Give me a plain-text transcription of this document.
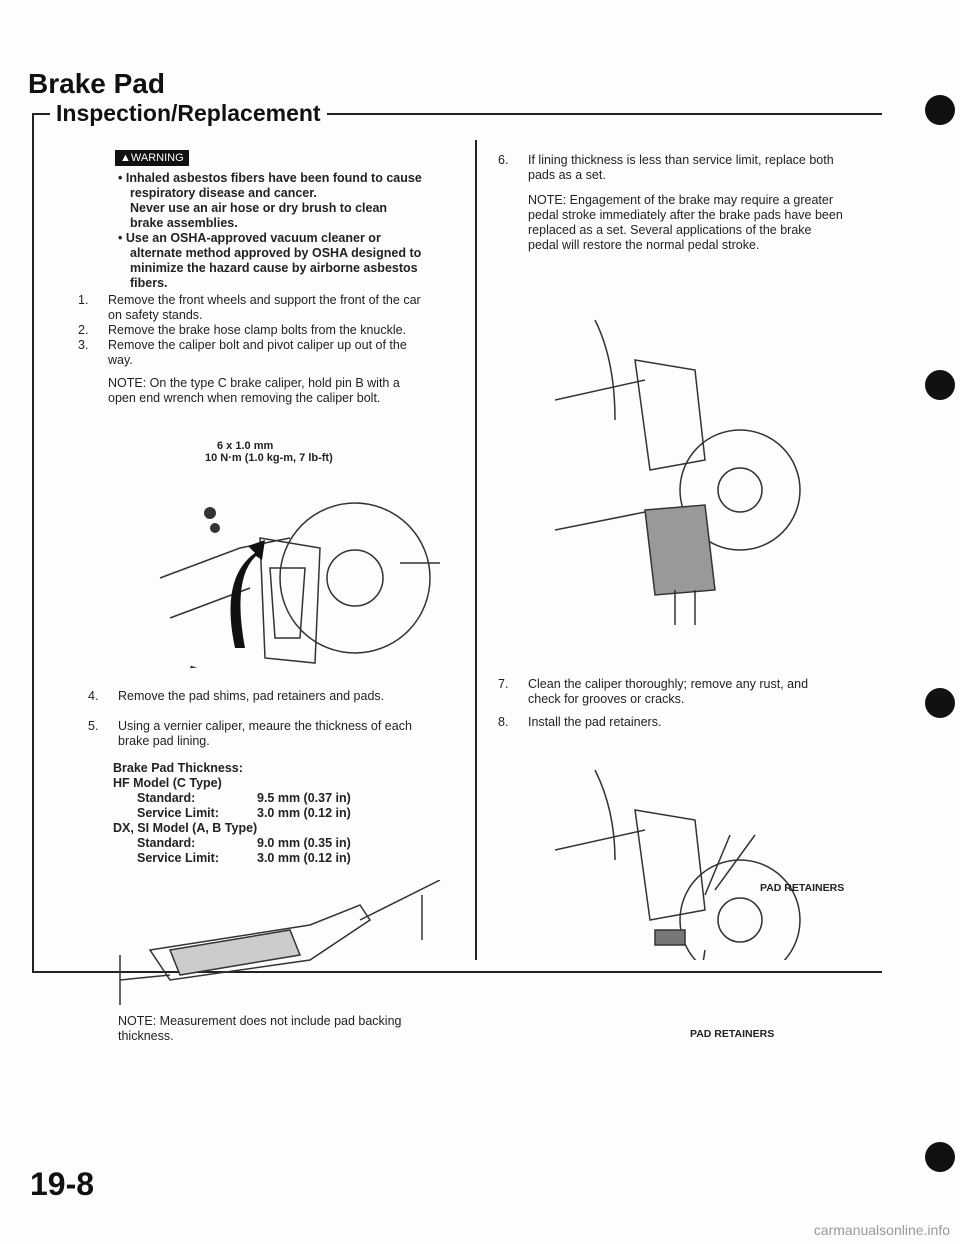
Brake Pad
Inspection/Replacement
▲WARNING
• Inhaled asbestos fibers have been found to cause respiratory disease and cancer.
Never use an air hose or dry brush to clean brake assemblies.
• Use an OSHA-approved vacuum cleaner or alternate method approved by OSHA designed to minimize the hazard cause by airborne asbestos fibers.
1. Remove the front wheels and support the front of the car on safety stands.
2. Remove the brake hose clamp bolts from the knuckle.
3. Remove the caliper bolt and pivot caliper up out of the way.
NOTE: On the type C brake caliper, hold pin B with a open end wrench when removing the caliper bolt.
6 x 1.0 mm
10 N·m (1.0 kg-m, 7 lb-ft)
4. Remove the pad shims, pad retainers and pads.
5. Using a vernier caliper, meaure the thickness of each brake pad lining.
Brake Pad Thickness:
HF Model (C Type)
Standard:	9.5 mm (0.37 in)
Service Limit:	3.0 mm (0.12 in)
DX, SI Model (A, B Type)
Standard:	9.0 mm (0.35 in)
Service Limit:	3.0 mm (0.12 in)
NOTE: Measurement does not include pad backing thickness.
6. If lining thickness is less than service limit, replace both pads as a set.
NOTE: Engagement of the brake may require a greater pedal stroke immediately after the brake pads have been replaced as a set. Several applications of the brake pedal will restore the normal pedal stroke.
7. Clean the caliper thoroughly; remove any rust, and check for grooves or cracks.
8. Install the pad retainers.
PAD RETAINERS
PAD RETAINERS
19-8
carmanualsonline.info
